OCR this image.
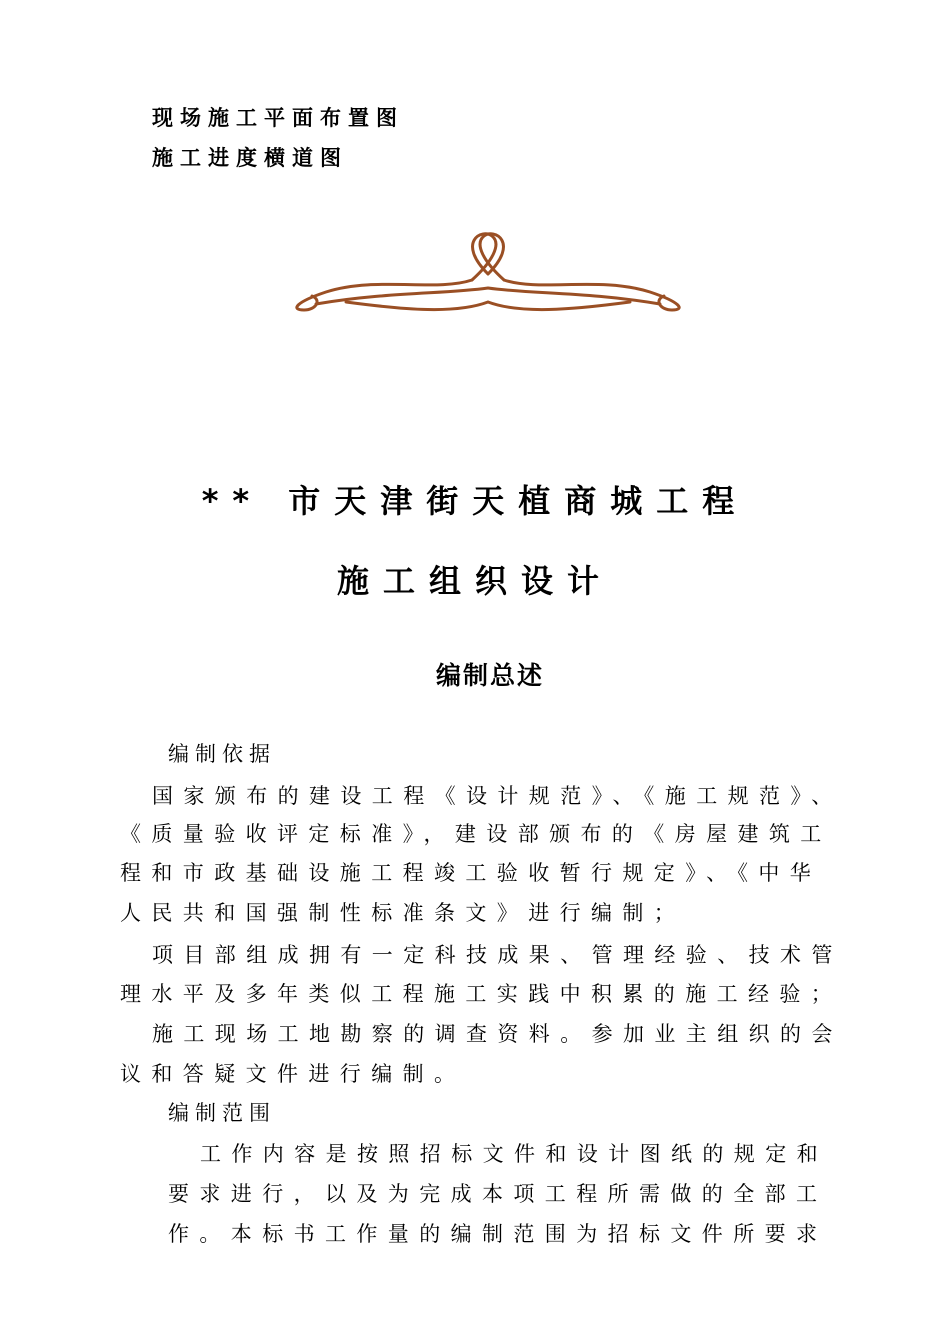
现场施工平面布置图
施工进度横道图
** 市天津街天植商城工程
施工组织设计
编制总述
编制依据
国家颁布的建设工程《设计规范》、《施工规范》、
《质量验收评定标准》，建设部颁布的《房屋建筑工
程和市政基础设施工程竣工验收暂行规定》、《中华
人民共和国强制性标准条文》进行编制；
项目部组成拥有一定科技成果、管理经验、技术管
理水平及多年类似工程施工实践中积累的施工经验；
施工现场工地勘察的调查资料。参加业主组织的会
议和答疑文件进行编制。
编制范围
工作内容是按照招标文件和设计图纸的规定和
要求进行，以及为完成本项工程所需做的全部工
作。本标书工作量的编制范围为招标文件所要求
